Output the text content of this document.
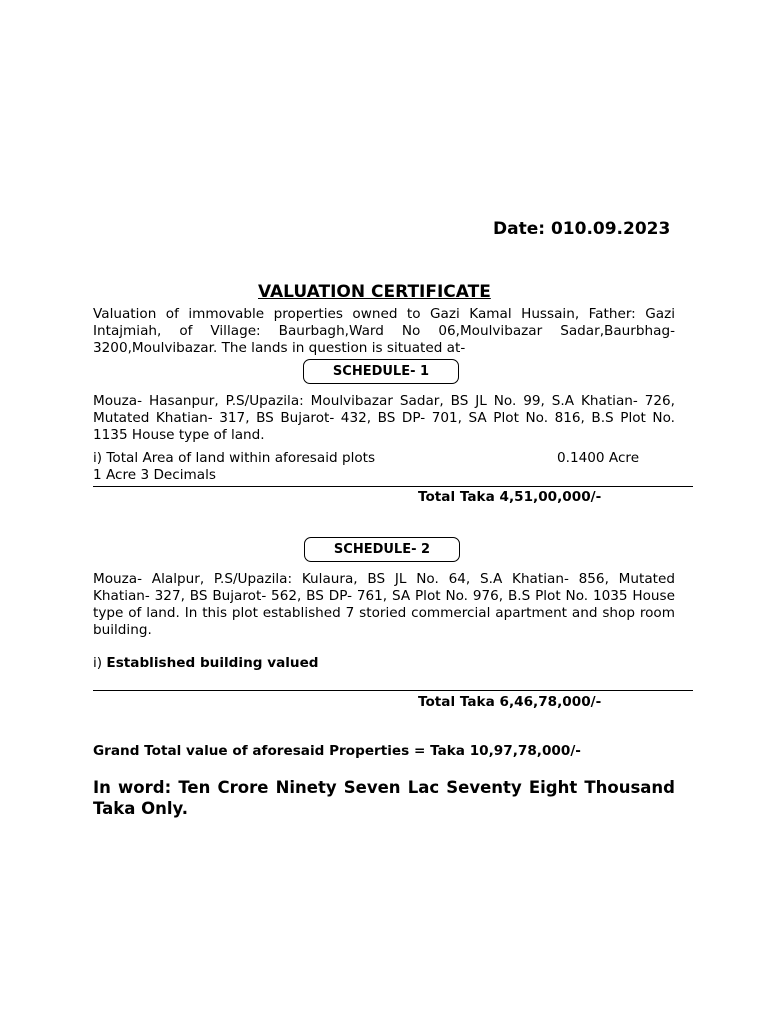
Date: 010.09.2023
VALUATION CERTIFICATE
Valuation of immovable properties owned to Gazi Kamal Hussain, Father: Gazi Intajmiah, of Village: Baurbagh,Ward No 06,Moulvibazar Sadar,Baurbhag-3200,Moulvibazar. The lands in question is situated at-
SCHEDULE- 1
Mouza- Hasanpur, P.S/Upazila: Moulvibazar Sadar, BS JL No. 99, S.A Khatian- 726, Mutated Khatian- 317, BS Bujarot- 432, BS DP- 701, SA Plot No. 816, B.S Plot No. 1135 House type of land.
i) Total Area of land within aforesaid plots	0.1400 Acre
1 Acre 3 Decimals
Total Taka 4,51,00,000/-
SCHEDULE- 2
Mouza- Alalpur, P.S/Upazila: Kulaura, BS JL No. 64, S.A Khatian- 856, Mutated Khatian- 327, BS Bujarot- 562, BS DP- 761, SA Plot No. 976, B.S Plot No. 1035 House type of land. In this plot established 7 storied commercial apartment and shop room building.
i) Established building valued
Total Taka 6,46,78,000/-
Grand Total value of aforesaid Properties = Taka 10,97,78,000/-
In word: Ten Crore Ninety Seven Lac Seventy Eight Thousand Taka Only.
